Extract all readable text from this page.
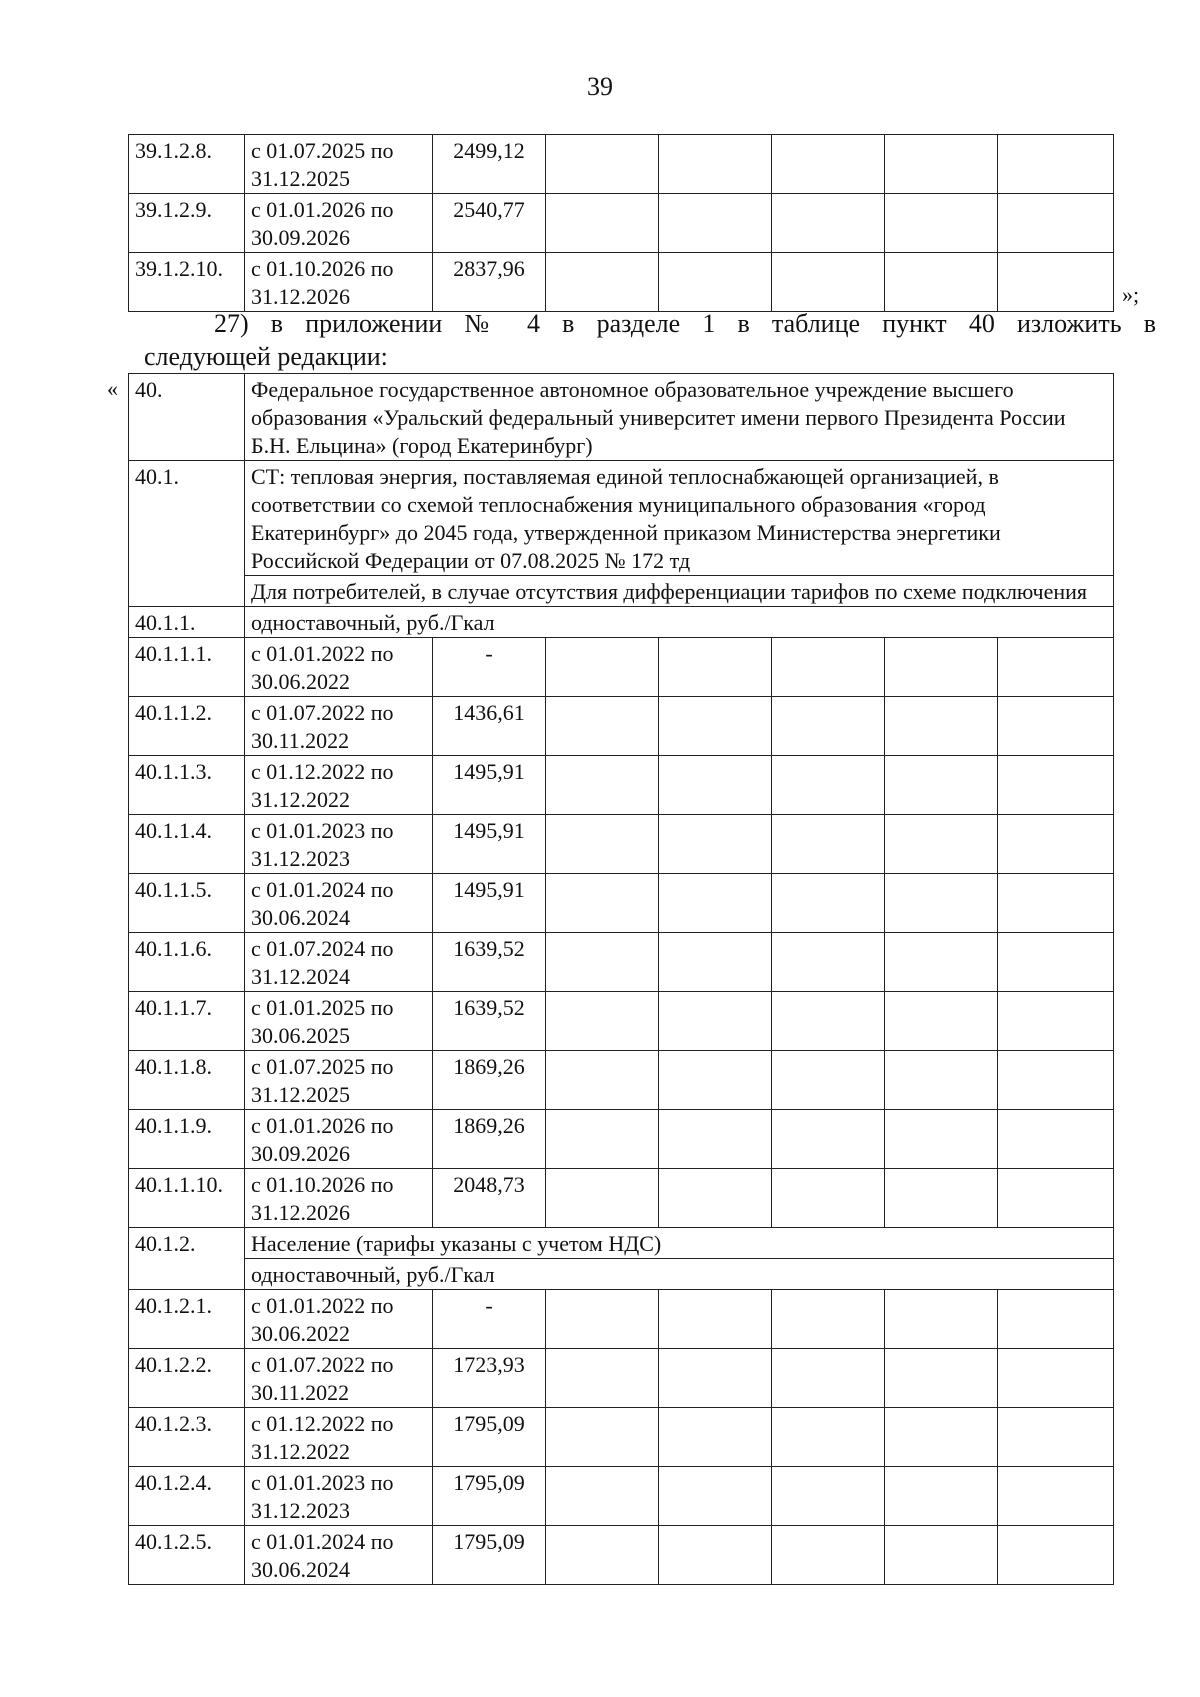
39
39.1.2.8.	с 01.07.2025 по 31.12.2025	2499,12					
39.1.2.9.	с 01.01.2026 по 30.09.2026	2540,77					
39.1.2.10.	с 01.10.2026 по 31.12.2026	2837,96					
»;
27) в приложении № 4 в разделе 1 в таблице пункт 40 изложить в
следующей редакции:
« 40.	Федеральное государственное автономное образовательное учреждение высшего образования «Уральский федеральный университет имени первого Президента России Б.Н. Ельцина» (город Екатеринбург)						
40.1.	СТ: тепловая энергия, поставляемая единой теплоснабжающей организацией, в соответствии со схемой теплоснабжения муниципального образования «город Екатеринбург» до 2045 года, утвержденной приказом Министерства энергетики Российской Федерации от 07.08.2025 № 172 тд						
	Для потребителей, в случае отсутствия дифференциации тарифов по схеме подключения						
40.1.1.	одноставочный, руб./Гкал						
40.1.1.1.	с 01.01.2022 по 30.06.2022	-					
40.1.1.2.	с 01.07.2022 по 30.11.2022	1436,61					
40.1.1.3.	с 01.12.2022 по 31.12.2022	1495,91					
40.1.1.4.	с 01.01.2023 по 31.12.2023	1495,91					
40.1.1.5.	с 01.01.2024 по 30.06.2024	1495,91					
40.1.1.6.	с 01.07.2024 по 31.12.2024	1639,52					
40.1.1.7.	с 01.01.2025 по 30.06.2025	1639,52					
40.1.1.8.	с 01.07.2025 по 31.12.2025	1869,26					
40.1.1.9.	с 01.01.2026 по 30.09.2026	1869,26					
40.1.1.10.	с 01.10.2026 по 31.12.2026	2048,73					
40.1.2.	Население (тарифы указаны с учетом НДС)						
	одноставочный, руб./Гкал						
40.1.2.1.	с 01.01.2022 по 30.06.2022	-					
40.1.2.2.	с 01.07.2022 по 30.11.2022	1723,93					
40.1.2.3.	с 01.12.2022 по 31.12.2022	1795,09					
40.1.2.4.	с 01.01.2023 по 31.12.2023	1795,09					
40.1.2.5.	с 01.01.2024 по 30.06.2024	1795,09					
